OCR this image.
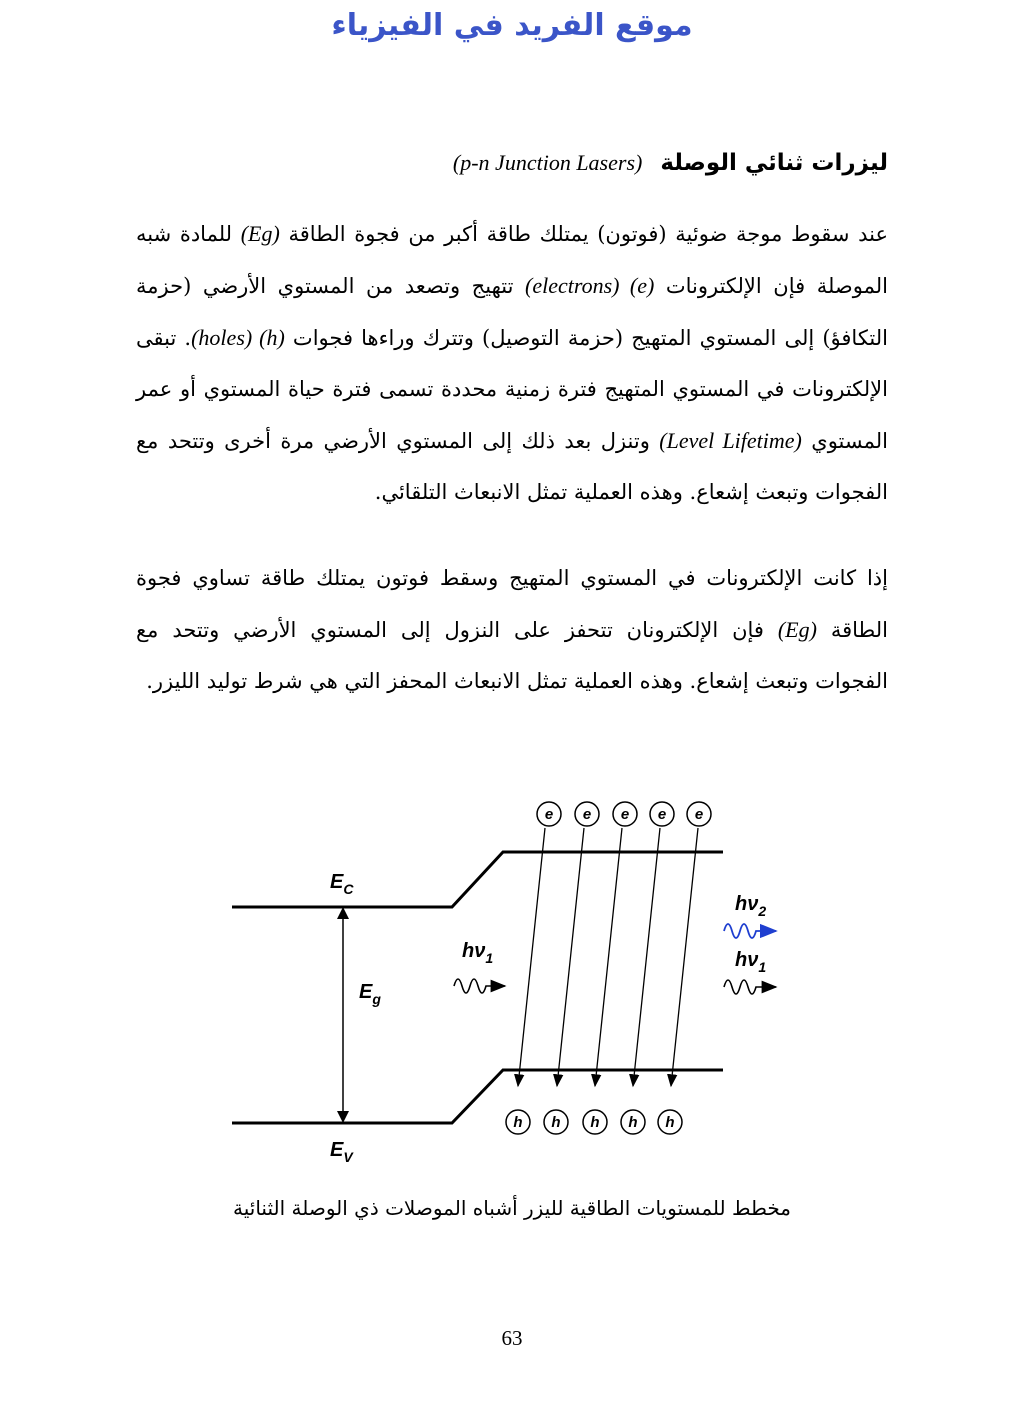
موقع الفريد في الفيزياء
ليزرات ثنائي الوصلة (p-n Junction Lasers)

عند سقوط موجة ضوئية (فوتون) يمتلك طاقة أكبر من فجوة الطاقة (Eg) للمادة شبه الموصلة فإن الإلكترونات (electrons) (e) تتهيج وتصعد من المستوي الأرضي (حزمة التكافؤ) إلى المستوي المتهيج (حزمة التوصيل) وتترك وراءها فجوات (holes) (h). تبقى الإلكترونات في المستوي المتهيج فترة زمنية محددة تسمى فترة حياة المستوي أو عمر المستوي (Level Lifetime) وتنزل بعد ذلك إلى المستوي الأرضي مرة أخرى وتتحد مع الفجوات وتبعث إشعاع. وهذه العملية تمثل الانبعاث التلقائي.

إذا كانت الإلكترونات في المستوي المتهيج وسقط فوتون يمتلك طاقة تساوي فجوة الطاقة (Eg) فإن الإلكترونان تتحفز على النزول إلى المستوي الأرضي وتتحد مع الفجوات وتبعث إشعاع. وهذه العملية تمثل الانبعاث المحفز التي هي شرط توليد الليزر.

$E_C$
$E_g$
$E_V$
$h\nu_1$
$h\nu_2$
$h\nu_1$
e e e e e
h h h h h
مخطط للمستويات الطاقية لليزر أشباه الموصلات ذي الوصلة الثنائية
63
